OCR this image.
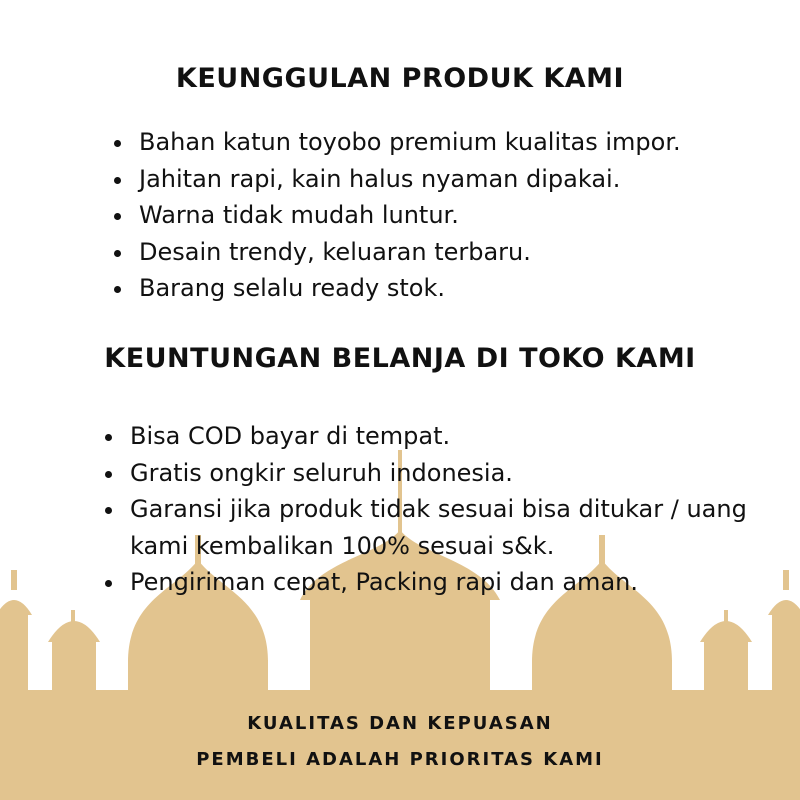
KEUNGGULAN PRODUK KAMI
• Bahan katun toyobo premium kualitas impor.
• Jahitan rapi, kain halus nyaman dipakai.
• Warna tidak mudah luntur.
• Desain trendy, keluaran terbaru.
• Barang selalu ready stok.
KEUNTUNGAN BELANJA DI TOKO KAMI
• Bisa COD bayar di tempat.
• Gratis ongkir seluruh indonesia.
• Garansi jika produk tidak sesuai bisa ditukar / uang kami kembalikan 100% sesuai s&k.
• Pengiriman cepat, Packing rapi dan aman.

KUALITAS DAN KEPUASAN

PEMBELI ADALAH PRIORITAS KAMI
